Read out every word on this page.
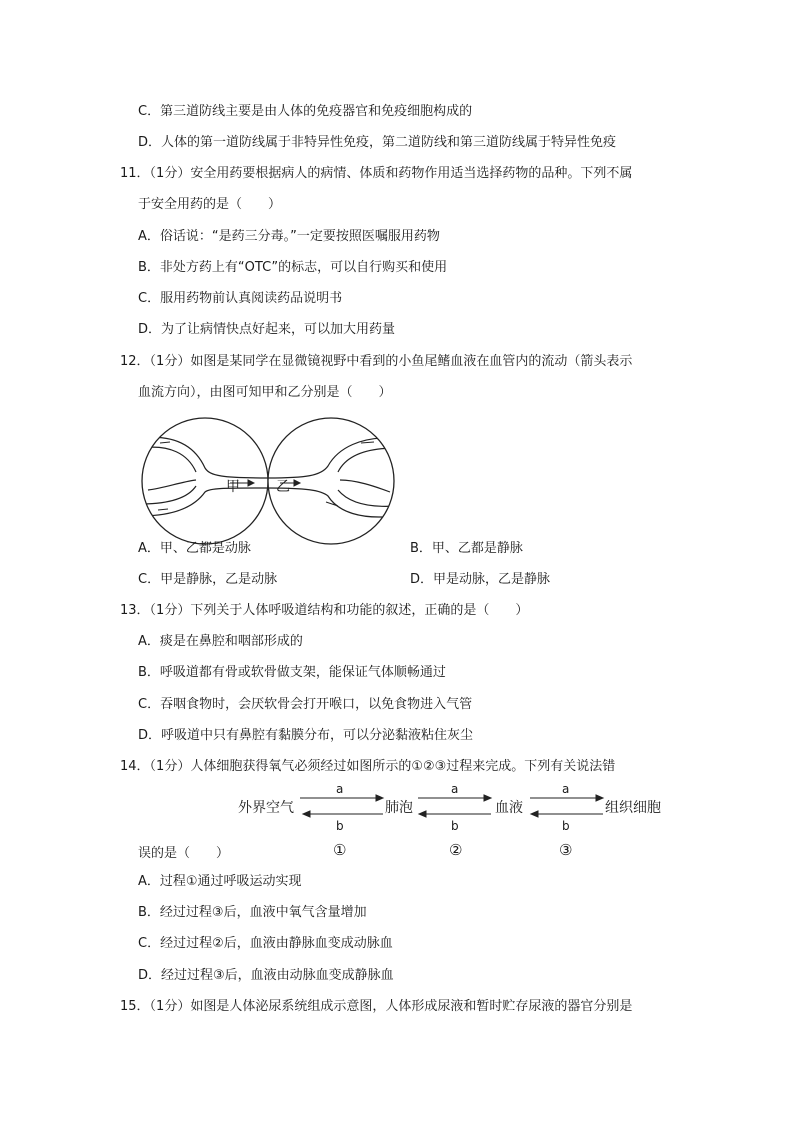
C．第三道防线主要是由人体的免疫器官和免疫细胞构成的
D．人体的第一道防线属于非特异性免疫，第二道防线和第三道防线属于特异性免疫
11．（1分）安全用药要根据病人的病情、体质和药物作用适当选择药物的品种。下列不属
于安全用药的是（　　）
A．俗话说：“是药三分毒。”一定要按照医嘱服用药物
B．非处方药上有“OTC”的标志，可以自行购买和使用
C．服用药物前认真阅读药品说明书
D．为了让病情快点好起来，可以加大用药量
12．（1分）如图是某同学在显微镜视野中看到的小鱼尾鳍血液在血管内的流动（箭头表示
血流方向），由图可知甲和乙分别是（　　）
甲	乙
A．甲、乙都是动脉	B．甲、乙都是静脉
C．甲是静脉，乙是动脉	D．甲是动脉，乙是静脉
13．（1分）下列关于人体呼吸道结构和功能的叙述，正确的是（　　）
A．痰是在鼻腔和咽部形成的
B．呼吸道都有骨或软骨做支架，能保证气体顺畅通过
C．吞咽食物时，会厌软骨会打开喉口，以免食物进入气管
D．呼吸道中只有鼻腔有黏膜分布，可以分泌黏液粘住灰尘
14．（1分）人体细胞获得氧气必须经过如图所示的①②③过程来完成。下列有关说法错
外界空气	肺泡	血液	组织细胞
a	a	a
b	b	b
①	②	③
误的是（　　）
A．过程①通过呼吸运动实现
B．经过过程③后，血液中氧气含量增加
C．经过过程②后，血液由静脉血变成动脉血
D．经过过程③后，血液由动脉血变成静脉血
15．（1分）如图是人体泌尿系统组成示意图，人体形成尿液和暂时贮存尿液的器官分别是
